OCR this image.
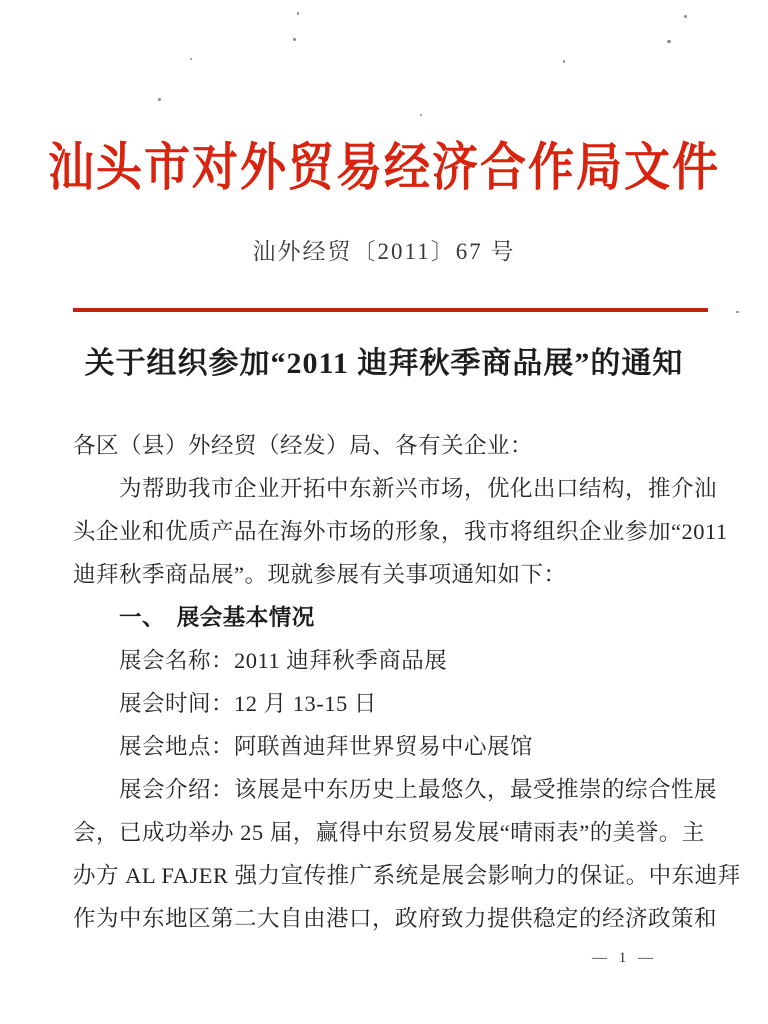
汕头市对外贸易经济合作局文件
汕外经贸〔2011〕67 号
关于组织参加“2011 迪拜秋季商品展”的通知
各区（县）外经贸（经发）局、各有关企业：
为帮助我市企业开拓中东新兴市场，优化出口结构，推介汕
头企业和优质产品在海外市场的形象，我市将组织企业参加“2011
迪拜秋季商品展”。现就参展有关事项通知如下：
一、　展会基本情况
展会名称：2011 迪拜秋季商品展
展会时间：12 月 13-15 日
展会地点：阿联酋迪拜世界贸易中心展馆
展会介绍：该展是中东历史上最悠久，最受推崇的综合性展
会，已成功举办 25 届，赢得中东贸易发展“晴雨表”的美誉。主
办方 AL FAJER 强力宣传推广系统是展会影响力的保证。中东迪拜
作为中东地区第二大自由港口，政府致力提供稳定的经济政策和
— 1 —
